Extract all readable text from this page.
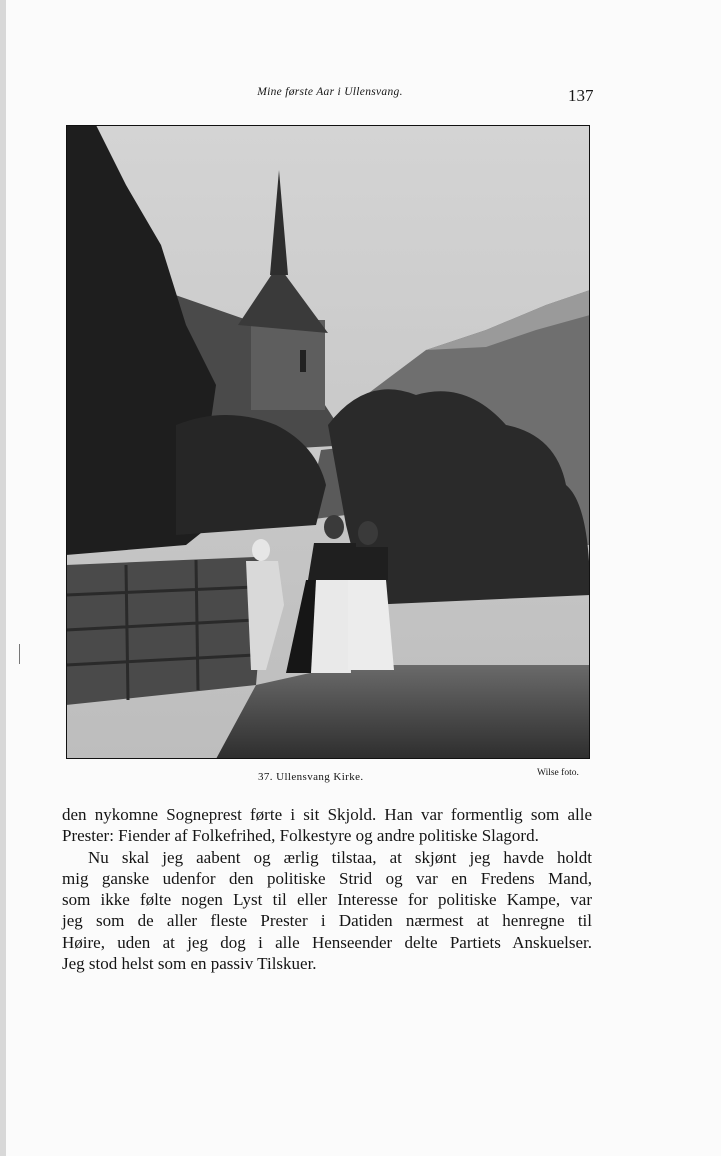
Mine første Aar i Ullensvang.	137
37. Ullensvang Kirke.	Wilse foto.

den nykomne Sogneprest førte i sit Skjold. Han var formentlig som alle
Prester: Fiender af Folkefrihed, Folkestyre og andre politiske Slagord.

Nu skal jeg aabent og ærlig tilstaa, at skjønt jeg havde holdt
mig ganske udenfor den politiske Strid og var en Fredens Mand,
som ikke følte nogen Lyst til eller Interesse for politiske Kampe, var
jeg som de aller fleste Prester i Datiden nærmest at henregne til
Høire, uden at jeg dog i alle Henseender delte Partiets Anskuelser.
Jeg stod helst som en passiv Tilskuer.
